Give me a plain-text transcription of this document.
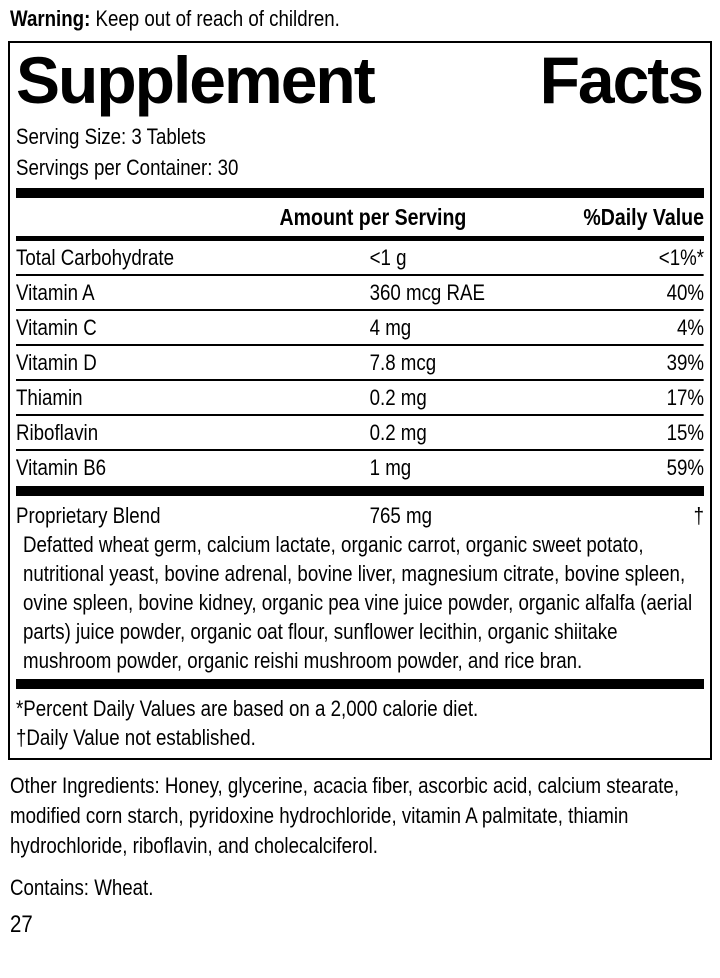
Warning: Keep out of reach of children.
Supplement	Facts
Serving Size: 3 Tablets
Servings per Container: 30
Amount per Serving	%Daily Value
Total Carbohydrate	<1 g	<1%*
Vitamin A	360 mcg RAE	40%
Vitamin C	4 mg	4%
Vitamin D	7.8 mcg	39%
Thiamin	0.2 mg	17%
Riboflavin	0.2 mg	15%
Vitamin B6	1 mg	59%
Proprietary Blend	765 mg	†
Defatted wheat germ, calcium lactate, organic carrot, organic sweet potato, nutritional yeast, bovine adrenal, bovine liver, magnesium citrate, bovine spleen, ovine spleen, bovine kidney, organic pea vine juice powder, organic alfalfa (aerial parts) juice powder, organic oat flour, sunflower lecithin, organic shiitake mushroom powder, organic reishi mushroom powder, and rice bran.
*Percent Daily Values are based on a 2,000 calorie diet.
†Daily Value not established.
Other Ingredients: Honey, glycerine, acacia fiber, ascorbic acid, calcium stearate, modified corn starch, pyridoxine hydrochloride, vitamin A palmitate, thiamin hydrochloride, riboflavin, and cholecalciferol.
Contains: Wheat.
27
